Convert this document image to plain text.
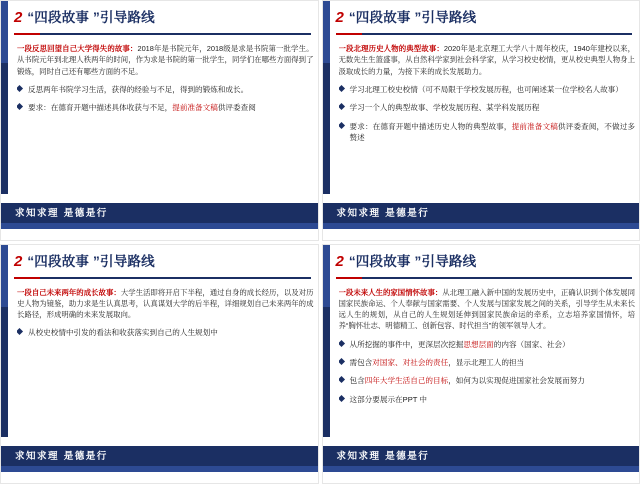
2 “四段故事 ”引导路线
一段反思回望自己大学得失的故事：2018年是书院元年，2018级是求是书院第一批学生。从书院元年到北理人秩两年的时间，作为求是书院的第一批学生，同学们在哪些方面得到了锻炼，同时自己还有哪些方面的不足。
反思两年书院学习生活，获得的经验与不足，得到的锻炼和成长。
要求：在德育开题中描述具体收获与不足，提前准备文稿供评委查阅
求知求理 是德是行
2 “四段故事 ”引导路线
一段北理历史人物的典型故事：2020年是北京理工大学八十周年校庆，1940年建校以来，无数先生生篮盛事，从自然科学家到社会科学家，从学习校史校情，更从校史典型人物身上汲取成长的力量，为接下来的成长发展助力。
学习北理工校史校情（可不局限于学校发展历程，也可阐述某一位学校名人故事）
学习一个人的典型故事、学校发展历程、某学科发展历程
要求：在德育开题中描述历史人物的典型故事，提前准备文稿供评委查阅，不做过多赘述
求知求理 是德是行
2 “四段故事 ”引导路线
一段自己未来两年的成长故事：大学生活即将开启下半程，通过自身的成长经历，以及对历史人物为镜鉴，助力求是生认真思考，认真谋划大学的后半程，详细规划自己未来两年的成长路径，形成明确的未来发展取向。
从校史校情中引发的看法和收获落实到自己的人生规划中
求知求理 是德是行
2 “四段故事 ”引导路线
一段未来人生的家国情怀故事：从北理工融入新中国的发展历史中，正确认识到个体发展同国家民族命运、个人奉献与国家需要、个人发展与国家发展之间的关系，引导学生从未来长远人生的规划，从自己的人生规划延伸到国家民族命运的牵系，立志培养家国情怀，培养“胸怀壮志、明德精工、创新包容、时代担当”的领军领导人才。
从所挖掘的事件中，更深层次挖掘思想层面的内容（国家、社会）
需包含对国家、对社会的责任，显示北理工人的担当
包含四年大学生活自己的目标，如何为以实现促进国家社会发展而努力
这部分要展示在PPT 中
求知求理 是德是行
